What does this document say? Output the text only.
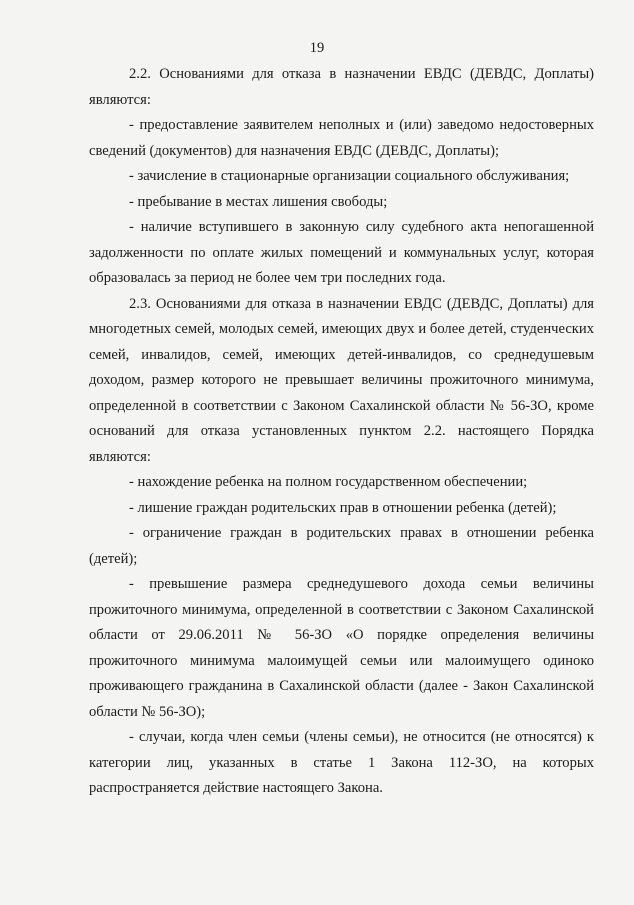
19

2.2. Основаниями для отказа в назначении ЕВДС (ДЕВДС, Доплаты) являются:

- предоставление заявителем неполных и (или) заведомо недостоверных сведений (документов) для назначения ЕВДС (ДЕВДС, Доплаты);

- зачисление в стационарные организации социального обслуживания;

- пребывание в местах лишения свободы;

- наличие вступившего в законную силу судебного акта непогашенной задолженности по оплате жилых помещений и коммунальных услуг, которая образовалась за период не более чем три последних года.

2.3. Основаниями для отказа в назначении ЕВДС (ДЕВДС, Доплаты) для многодетных семей, молодых семей, имеющих двух и более детей, студенческих семей, инвалидов, семей, имеющих детей-инвалидов, со среднедушевым доходом, размер которого не превышает величины прожиточного минимума, определенной в соответствии с Законом Сахалинской области № 56-ЗО, кроме оснований для отказа установленных пунктом 2.2. настоящего Порядка являются:

- нахождение ребенка на полном государственном обеспечении;

- лишение граждан родительских прав в отношении ребенка (детей);

- ограничение граждан в родительских правах в отношении ребенка (детей);

- превышение размера среднедушевого дохода семьи величины прожиточного минимума, определенной в соответствии с Законом Сахалинской области от 29.06.2011 № 56-ЗО «О порядке определения величины прожиточного минимума малоимущей семьи или малоимущего одиноко проживающего гражданина в Сахалинской области (далее - Закон Сахалинской области № 56-ЗО);

- случаи, когда член семьи (члены семьи), не относится (не относятся) к категории лиц, указанных в статье 1 Закона 112-ЗО, на которых распространяется действие настоящего Закона.
